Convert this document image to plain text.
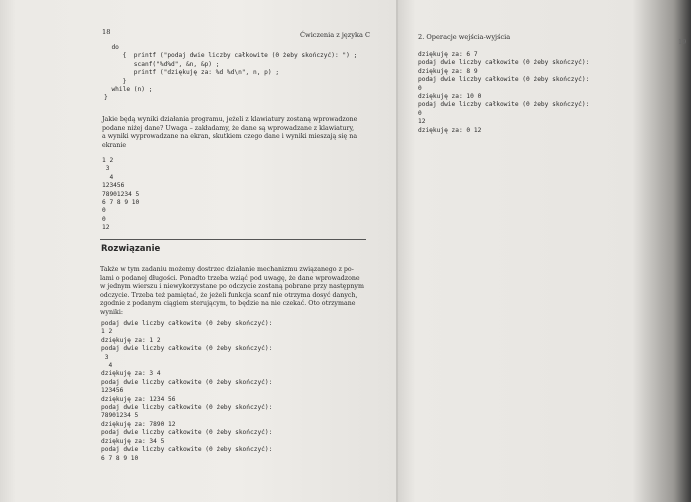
18	Ćwiczenia z języka C
do
{  printf ("podaj dwie liczby całkowite (0 żeby skończyć): ") ;
scanf("%d%d", &n, &p) ;
printf ("dziękuję za: %d %d\n", n, p) ;
}
while (n) ;
}
Jakie będą wyniki działania programu, jeżeli z klawiatury zostaną wprowadzone
podane niżej dane? Uwaga – zakładamy, że dane są wprowadzane z klawiatury,
a wyniki wyprowadzane na ekran, skutkiem czego dane i wyniki mieszają się na
ekranie
1 2
3
4
123456
78901234 5
6 7 8 9 10
0
0
12
Rozwiązanie
Także w tym zadaniu możemy dostrzec działanie mechanizmu związanego z po-
lami o podanej długości. Ponadto trzeba wziąć pod uwagę, że dane wprowadzone
w jednym wierszu i niewykorzystane po odczycie zostaną pobrane przy następnym
odczycie. Trzeba też pamiętać, że jeżeli funkcja scanf nie otrzyma dosyć danych,
zgodnie z podanym ciągiem sterującym, to będzie na nie czekać. Oto otrzymane
wyniki:
podaj dwie liczby całkowite (0 żeby skończyć):
1 2
dziękuję za: 1 2
podaj dwie liczby całkowite (0 żeby skończyć):
3
4
dziękuję za: 3 4
podaj dwie liczby całkowite (0 żeby skończyć):
123456
dziękuję za: 1234 56
podaj dwie liczby całkowite (0 żeby skończyć):
78901234 5
dziękuję za: 7890 12
podaj dwie liczby całkowite (0 żeby skończyć):
dziękuję za: 34 5
podaj dwie liczby całkowite (0 żeby skończyć):
6 7 8 9 10
2. Operacje wejścia-wyjścia
19
dziękuję za: 6 7
podaj dwie liczby całkowite (0 żeby skończyć):
dziękuję za: 8 9
podaj dwie liczby całkowite (0 żeby skończyć):
0
dziękuję za: 10 0
podaj dwie liczby całkowite (0 żeby skończyć):
0
12
dziękuję za: 0 12
